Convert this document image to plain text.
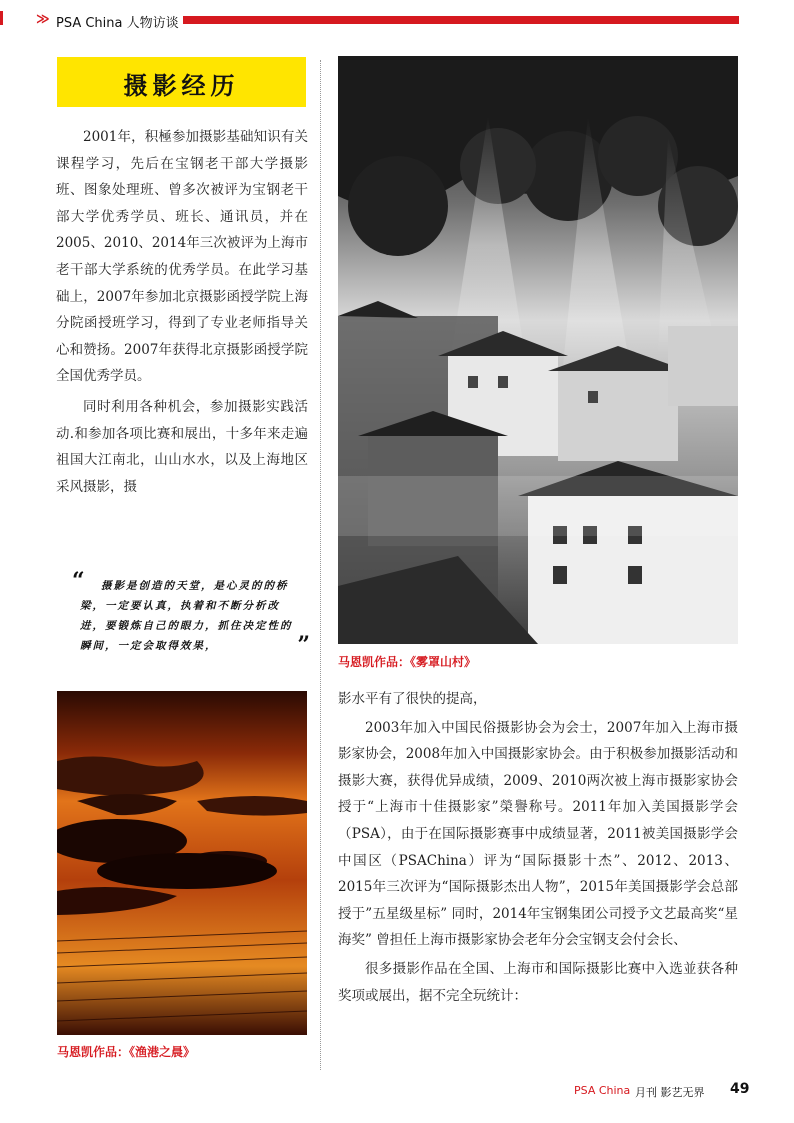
≫ PSA China 人物访谈
摄影经历

2001年，积極参加摄影基础知识有关课程学习，先后在宝钢老干部大学摄影班、图象处理班、曾多次被评为宝钢老干部大学优秀学员、班长、通讯员，并在2005、2010、2014年三次被评为上海市老干部大学系统的优秀学员。在此学习基础上，2007年参加北京摄影函授学院上海分院函授班学习，得到了专业老师指导关心和赞扬。2007年获得北京摄影函授学院全国优秀学员。

同时利用各种机会，参加摄影实践活动.和参加各项比赛和展出，十多年来走遍祖国大江南北，山山水水，以及上海地区采风摄影，摄

“	摄影是创造的天堂，是心灵的的桥梁，一定要认真，执着和不断分析改进，要锻炼自己的眼力，抓住决定性的瞬间，一定会取得效果，	”
马恩凯作品：《雾罩山村》
马恩凯作品：《渔港之晨》

影水平有了很快的提高，

2003年加入中国民俗摄影协会为会士，2007年加入上海市摄影家协会，2008年加入中国摄影家协会。由于积极参加摄影活动和摄影大赛，获得优异成绩，2009、2010两次被上海市摄影家协会授于“上海市十佳摄影家”榮譽称号。2011年加入美国摄影学会（PSA），由于在国际摄影赛事中成绩显著，2011被美国摄影学会中国区（PSAChina）评为“国际摄影十杰”、2012、2013、2015年三次评为“国际摄影杰出人物”，2015年美国摄影学会总部授于”五星级星标” 同时，2014年宝钢集团公司授予文艺最高奖“星海奖” 曾担任上海市摄影家协会老年分会宝钢支会付会长、

很多摄影作品在全国、上海市和国际摄影比赛中入选並获各种奖项或展出，据不完全玩统计：

PSA China 月刊 影艺无界 49
